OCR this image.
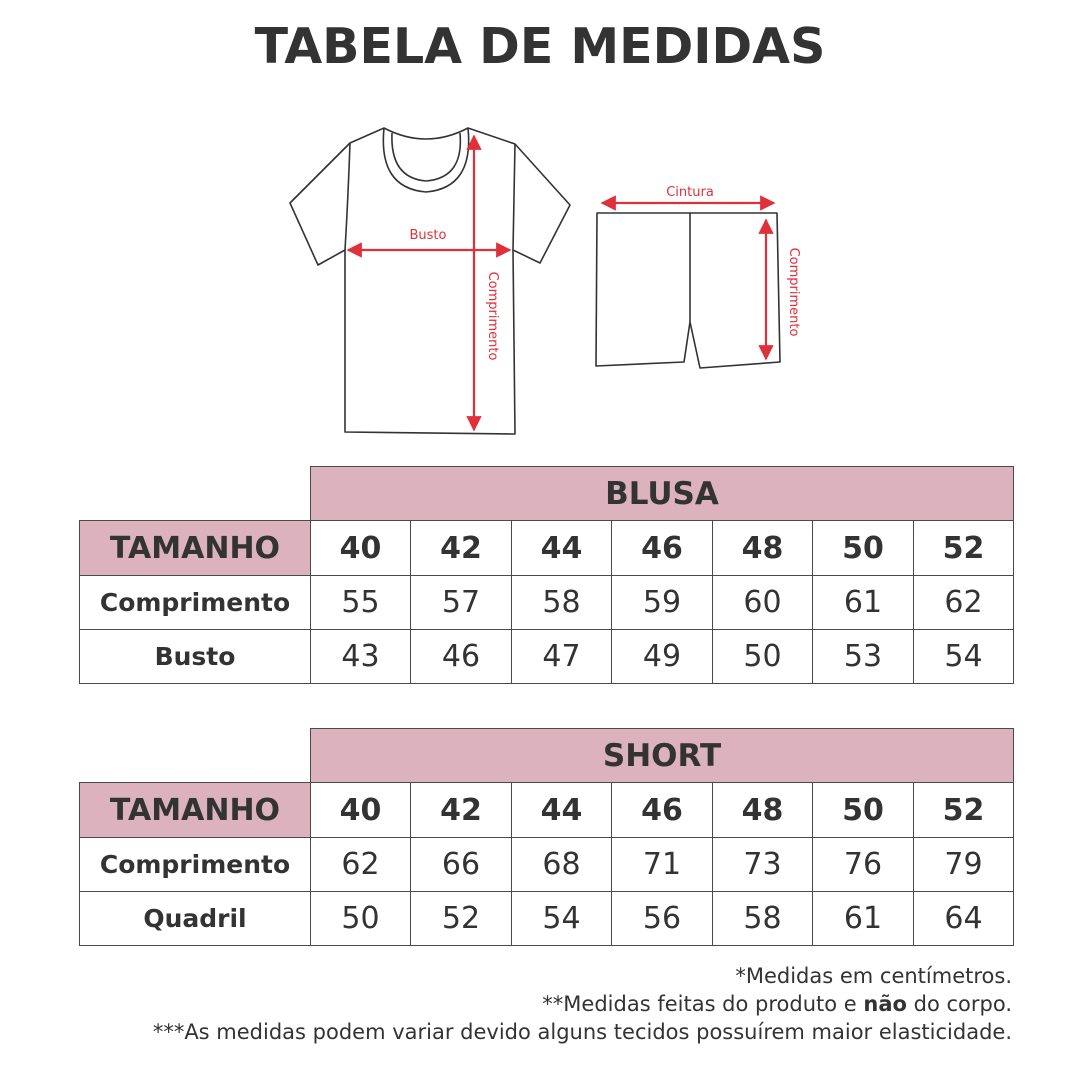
TABELA DE MEDIDAS
Busto
Comprimento
Cintura
Comprimento
	BLUSA						
TAMANHO	40	42	44	46	48	50	52
Comprimento	55	57	58	59	60	61	62
Busto	43	46	47	49	50	53	54
	SHORT						
TAMANHO	40	42	44	46	48	50	52
Comprimento	62	66	68	71	73	76	79
Quadril	50	52	54	56	58	61	64
*Medidas em centímetros.
**Medidas feitas do produto e não do corpo.
***As medidas podem variar devido alguns tecidos possuírem maior elasticidade.
